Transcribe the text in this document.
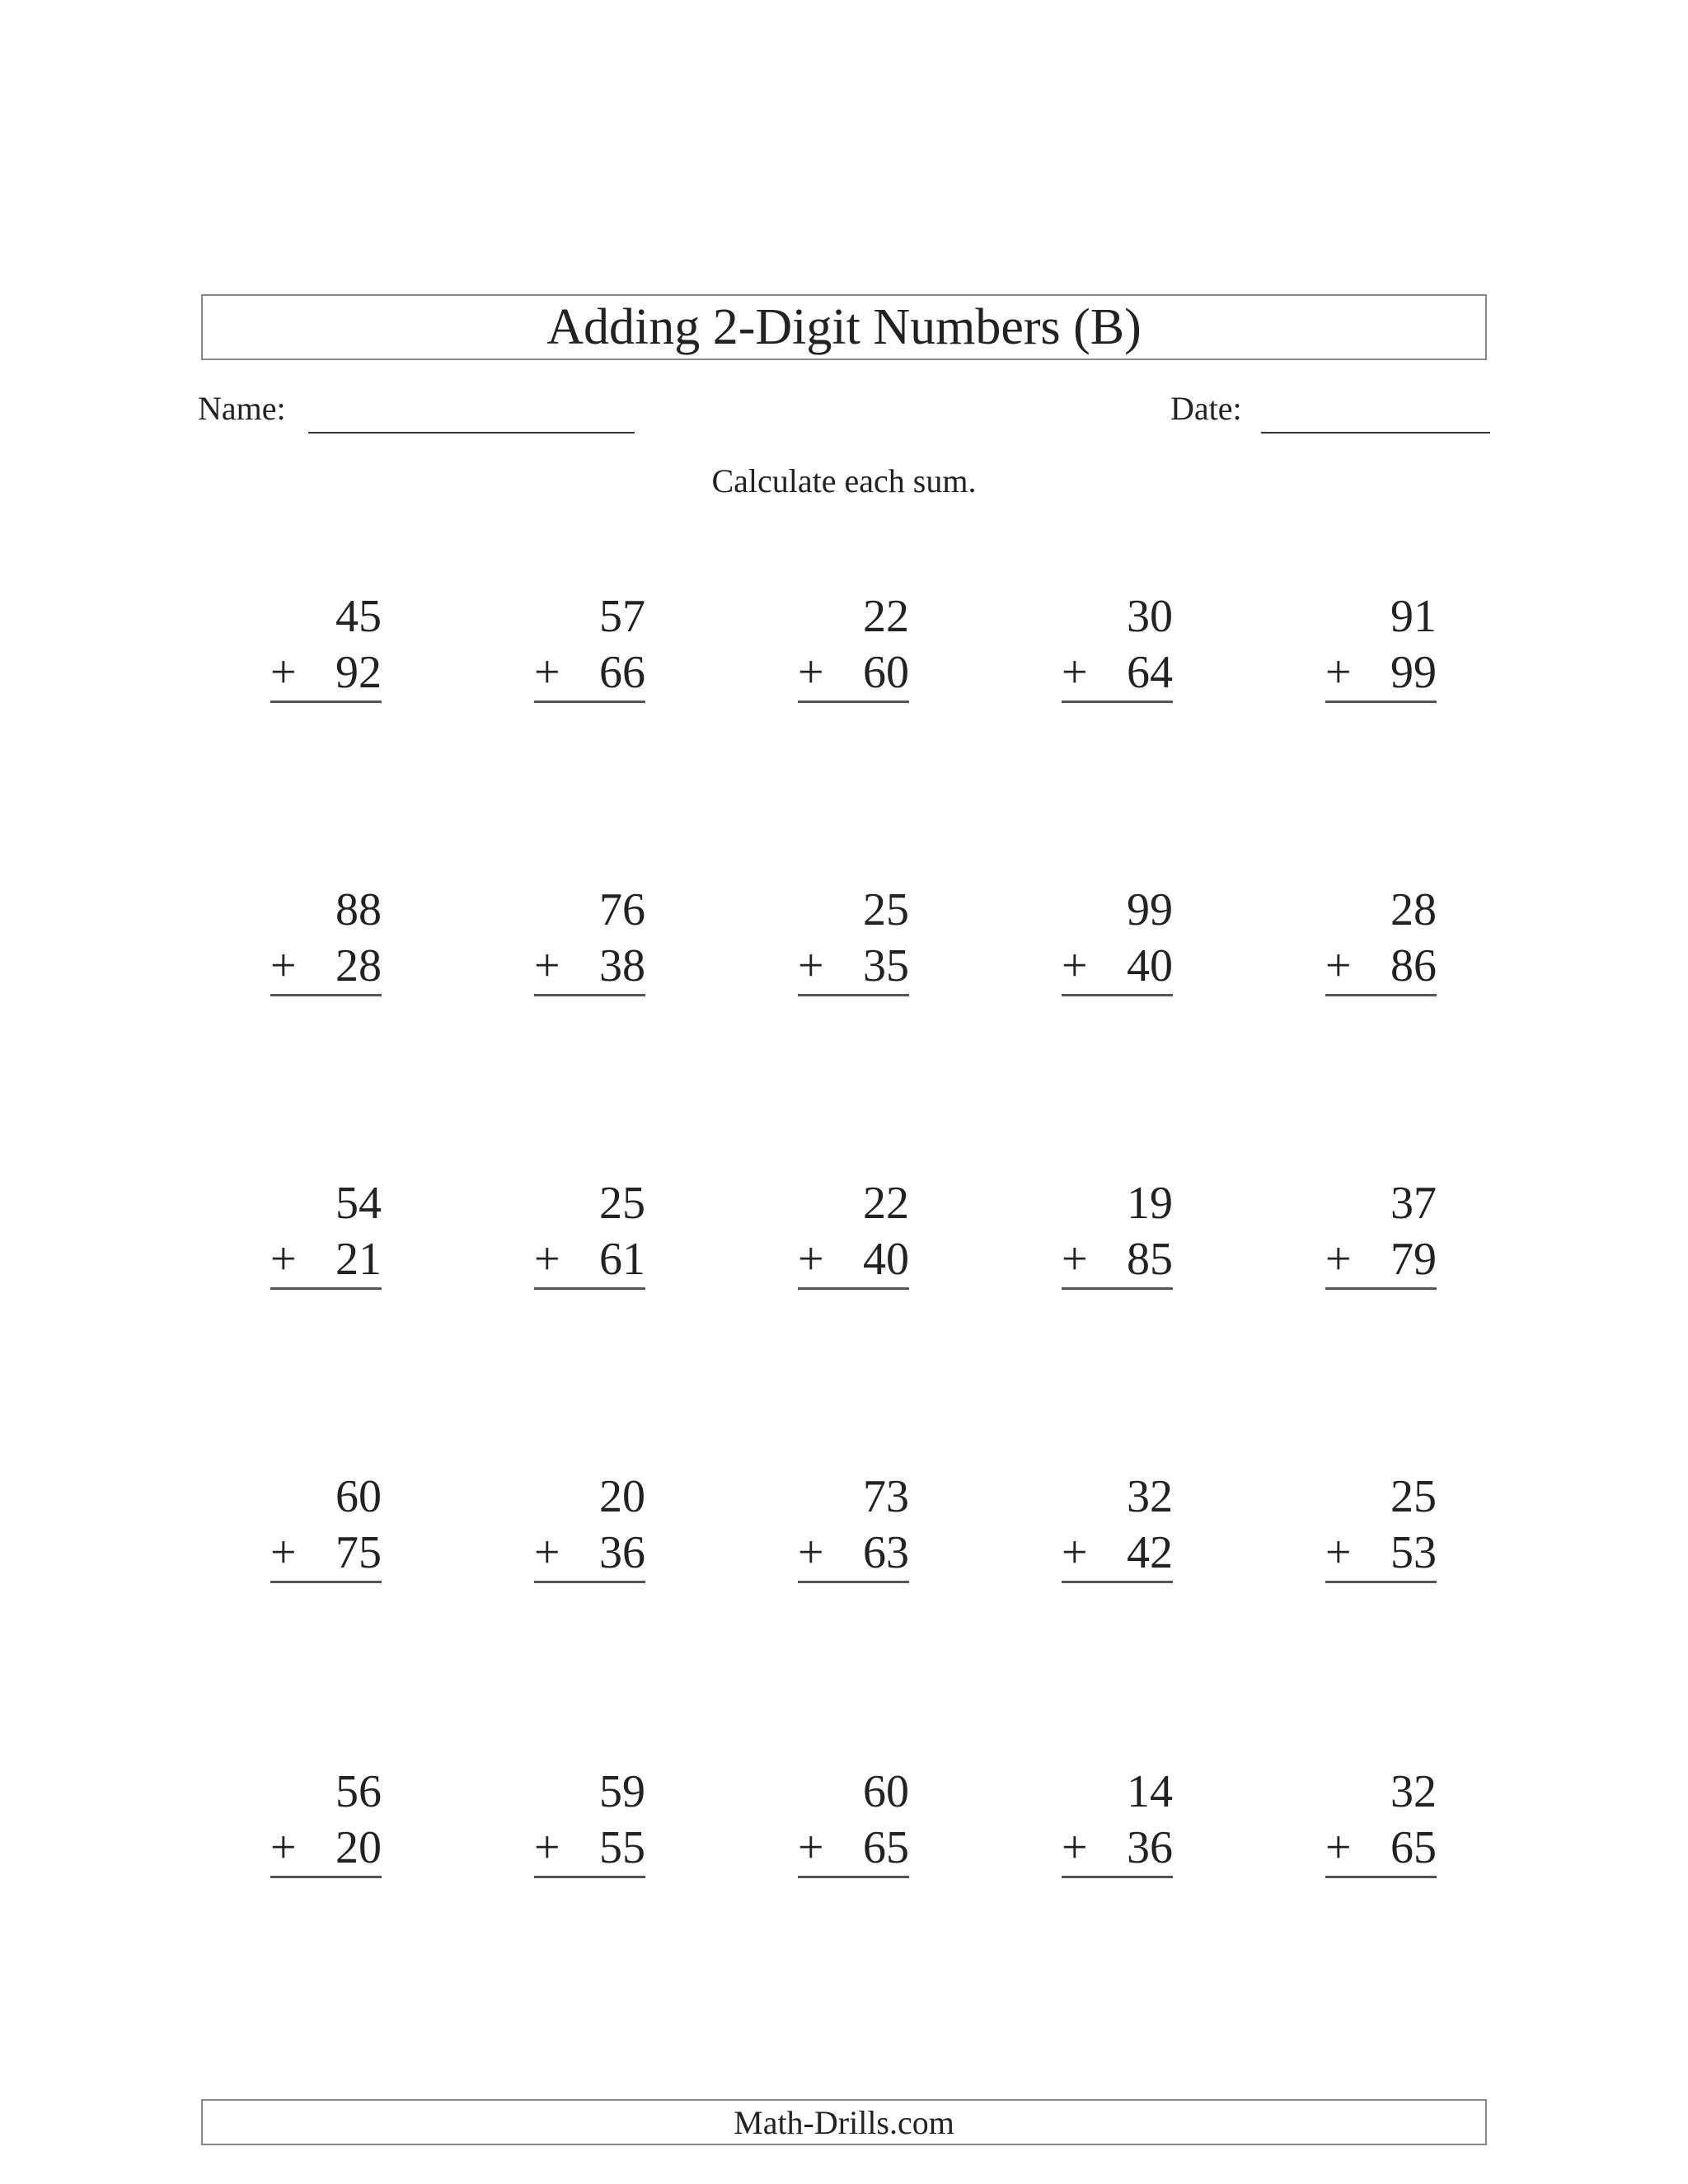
Adding 2-Digit Numbers (B)
Name:	Date:
Calculate each sum.
45
+ 92
57
+ 66
22
+ 60
30
+ 64
91
+ 99
88
+ 28
76
+ 38
25
+ 35
99
+ 40
28
+ 86
54
+ 21
25
+ 61
22
+ 40
19
+ 85
37
+ 79
60
+ 75
20
+ 36
73
+ 63
32
+ 42
25
+ 53
56
+ 20
59
+ 55
60
+ 65
14
+ 36
32
+ 65
Math-Drills.com
